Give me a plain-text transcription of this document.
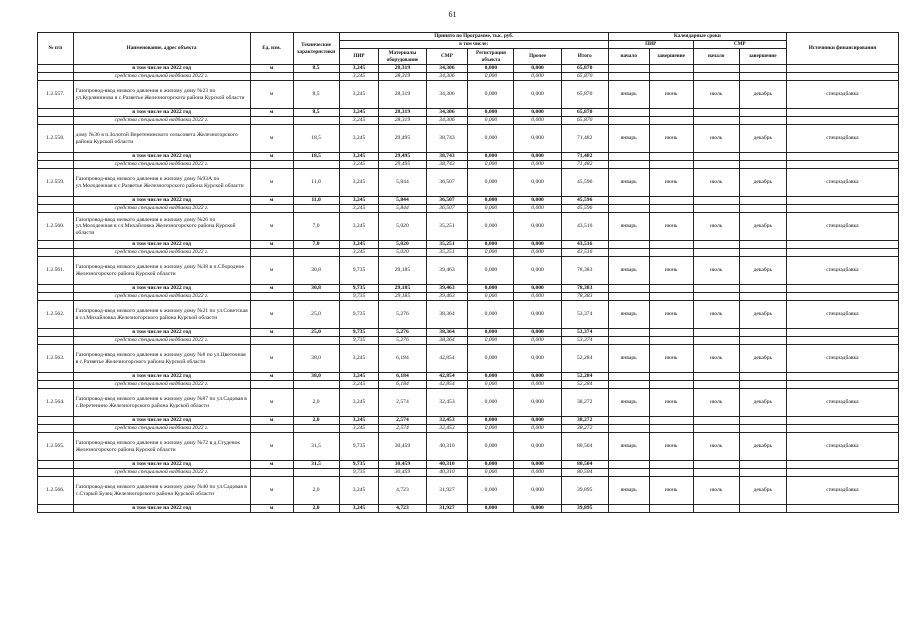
61
№ п/п	Наименование, адрес объекта	Ед. изм.	Технические характеристики	Принято по Программе, тыс. руб.						Календарные сроки				Источники финансирования
				в том числе:						ПИР		СМР		
				ПИР	Материалы оборудование	СМР	Регистрация объекта	Прочее	Итого	начало	завершение	начало	завершение	
	в том числе на 2022 год	м	8,5	3,245	28,319	34,306	0,000	0,000	65,870					
	средства специальной надбавки 2022 г.			3,245	28,319	34,306	0,000	0,000	65,870					
1.2.557.	Газопровод-ввод низкого давления к жилому дому №23 по ул.Курлянинова в с.Разветье Железногорского района Курской области	м	8,5	3,245	28,319	34,306	0,000	0,000	65,870	январь	июнь	июль	декабрь	спецнадбавка
	в том числе на 2022 год	м	8,5	3,245	28,319	34,306	0,000	0,000	65,870					
	средства специальной надбавки 2022 г.			3,245	28,319	34,306	0,000	0,000	65,870					
1.2.558.	дому №36 в п.Золотой Веретенинского сельсовета Железногорского района Курской области	м	18,5	3,245	29,495	38,743	0,000	0,000	71,482	январь	июнь	июль	декабрь	спецнадбавка
	в том числе на 2022 год	м	18,5	3,245	29,495	38,743	0,000	0,000	71,482					
	средства специальной надбавки 2022 г.			3,245	29,495	38,743	0,000	0,000	71,482					
1.2.559.	Газопровод-ввод низкого давления к жилому дому №93А по ул.Молодежная в с.Разветье Железногорского района Курской области	м	11,0	3,245	5,844	36,507	0,000	0,000	45,596	январь	июнь	июль	декабрь	спецнадбавка
	в том числе на 2022 год	м	11,0	3,245	5,844	36,507	0,000	0,000	45,596					
	средства специальной надбавки 2022 г.			3,245	5,844	36,507	0,000	0,000	45,596					
1.2.560.	Газопровод-ввод низкого давления к жилому дому №26 по ул.Молодежная в сл.Михайловка Железногорского района Курской области	м	7,0	3,245	5,020	35,251	0,000	0,000	43,516	январь	июнь	июль	декабрь	спецнадбавка
	в том числе на 2022 год	м	7,0	3,245	5,020	35,251	0,000	0,000	43,516					
	средства специальной надбавки 2022 г.			3,245	5,020	35,251	0,000	0,000	43,516					
1.2.561.	Газопровод-ввод низкого давления к жилому дому №38 в п.Сбородное Железногорского района Курской области	м	30,8	9,735	29,185	39,463	0,000	0,000	78,383	январь	июнь	июль	декабрь	спецнадбавка
	в том числе на 2022 год	м	30,8	9,735	29,185	39,463	0,000	0,000	78,383					
	средства специальной надбавки 2022 г.			9,735	29,185	39,463	0,000	0,000	78,383					
1.2.562.	Газопровод-ввод низкого давления к жилому дому №21 по ул.Советская в сл.Михайловка Железногорского района Курской области	м	25,0	9,735	5,276	38,364	0,000	0,000	53,374	январь	июнь	июль	декабрь	спецнадбавка
	в том числе на 2022 год	м	25,0	9,735	5,276	38,364	0,000	0,000	53,374					
	средства специальной надбавки 2022 г.			9,735	5,276	38,364	0,000	0,000	53,374					
1.2.563.	Газопровод-ввод низкого давления к жилому дому №8 по ул.Цветочная в с.Разветье Железногорского района Курской области	м	38,0	3,245	6,184	42,854	0,000	0,000	52,284	январь	июнь	июль	декабрь	спецнадбавка
	в том числе на 2022 год	м	38,0	3,245	6,184	42,854	0,000	0,000	52,284					
	средства специальной надбавки 2022 г.			3,245	6,184	42,854	0,000	0,000	52,284					
1.2.564.	Газопровод-ввод низкого давления к жилому дому №87 по ул.Садовая в с.Веретенино Железногорского района Курской области	м	2,0	3,245	2,574	32,453	0,000	0,000	38,272	январь	июнь	июль	декабрь	спецнадбавка
	в том числе на 2022 год	м	2,0	3,245	2,574	32,453	0,000	0,000	38,272					
	средства специальной надбавки 2022 г.			3,245	2,574	32,453	0,000	0,000	38,272					
1.2.565.	Газопровод-ввод низкого давления к жилому дому №72 в д.Студенок Железногорского района Курской области	м	31,5	9,735	30,459	40,310	0,000	0,000	80,504	январь	июнь	июль	декабрь	спецнадбавка
	в том числе на 2022 год	м	31,5	9,735	30,459	40,310	0,000	0,000	80,504					
	средства специальной надбавки 2022 г.			9,735	30,459	40,310	0,000	0,000	80,504					
1.2.566.	Газопровод-ввод низкого давления к жилому дому №40 по ул.Садовая в с.Старый Бузец Железногорского района Курской области	м	2,0	3,245	4,723	31,927	0,000	0,000	39,895	январь	июнь	июль	декабрь	спецнадбавка
	в том числе на 2022 год	м	2,0	3,245	4,723	31,927	0,000	0,000	39,895					
